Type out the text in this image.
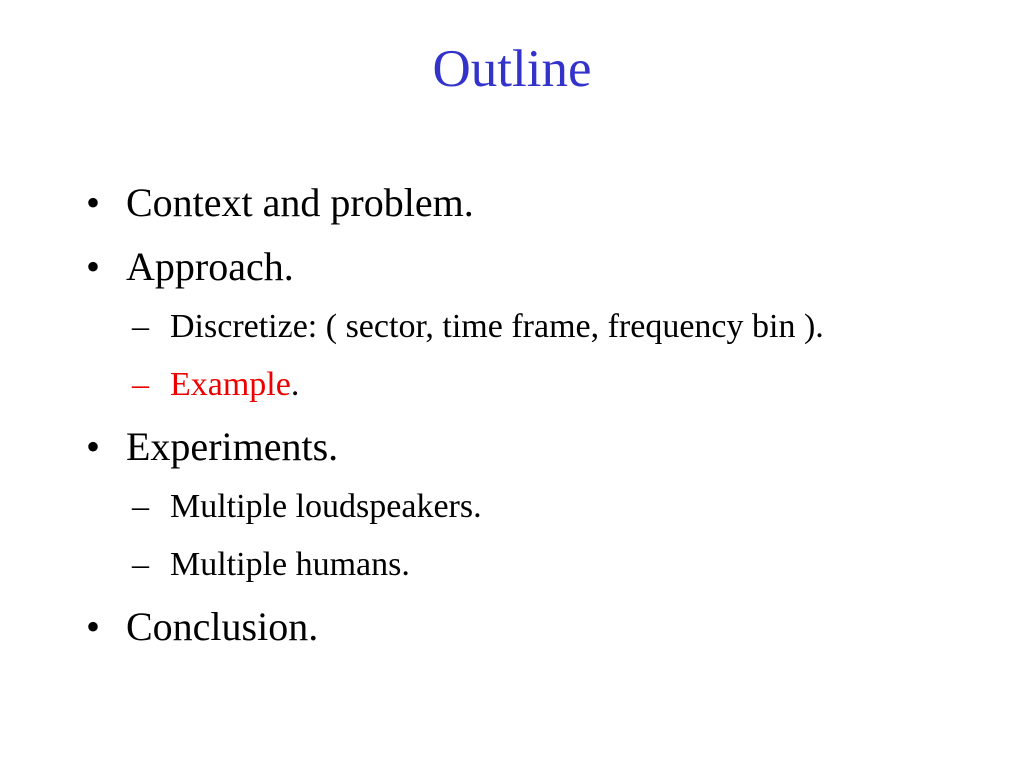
Outline
• Context and problem.
• Approach.
– Discretize: ( sector, time frame, frequency bin ).
– Example.
• Experiments.
– Multiple loudspeakers.
– Multiple humans.
• Conclusion.
